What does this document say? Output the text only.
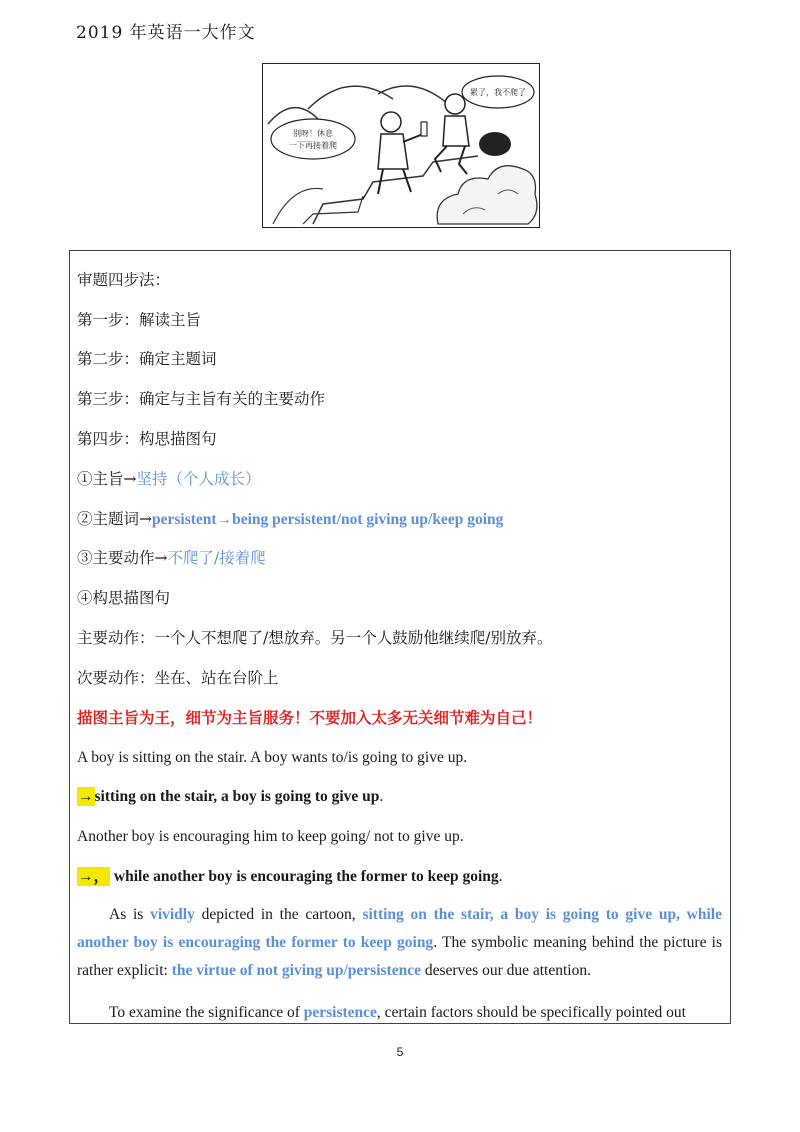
2019 年英语一大作文
别呀！休息
一下再接着爬
累了，我不爬了
审题四步法：
第一步：解读主旨
第二步：确定主题词
第三步：确定与主旨有关的主要动作
第四步：构思描图句
①主旨→坚持（个人成长）
②主题词→persistent→being persistent/not giving up/keep going
③主要动作→不爬了/接着爬
④构思描图句
主要动作：一个人不想爬了/想放弃。另一个人鼓励他继续爬/别放弃。
次要动作：坐在、站在台阶上
描图主旨为王，细节为主旨服务！不要加入太多无关细节难为自己！
A boy is sitting on the stair. A boy wants to/is going to give up.
→sitting on the stair, a boy is going to give up.
Another boy is encouraging him to keep going/ not to give up.
→， while another boy is encouraging the former to keep going.
As is vividly depicted in the cartoon, sitting on the stair, a boy is going to give up, while another boy is encouraging the former to keep going. The symbolic meaning behind the picture is rather explicit: the virtue of not giving up/persistence deserves our due attention.
To examine the significance of persistence, certain factors should be specifically pointed out
5
